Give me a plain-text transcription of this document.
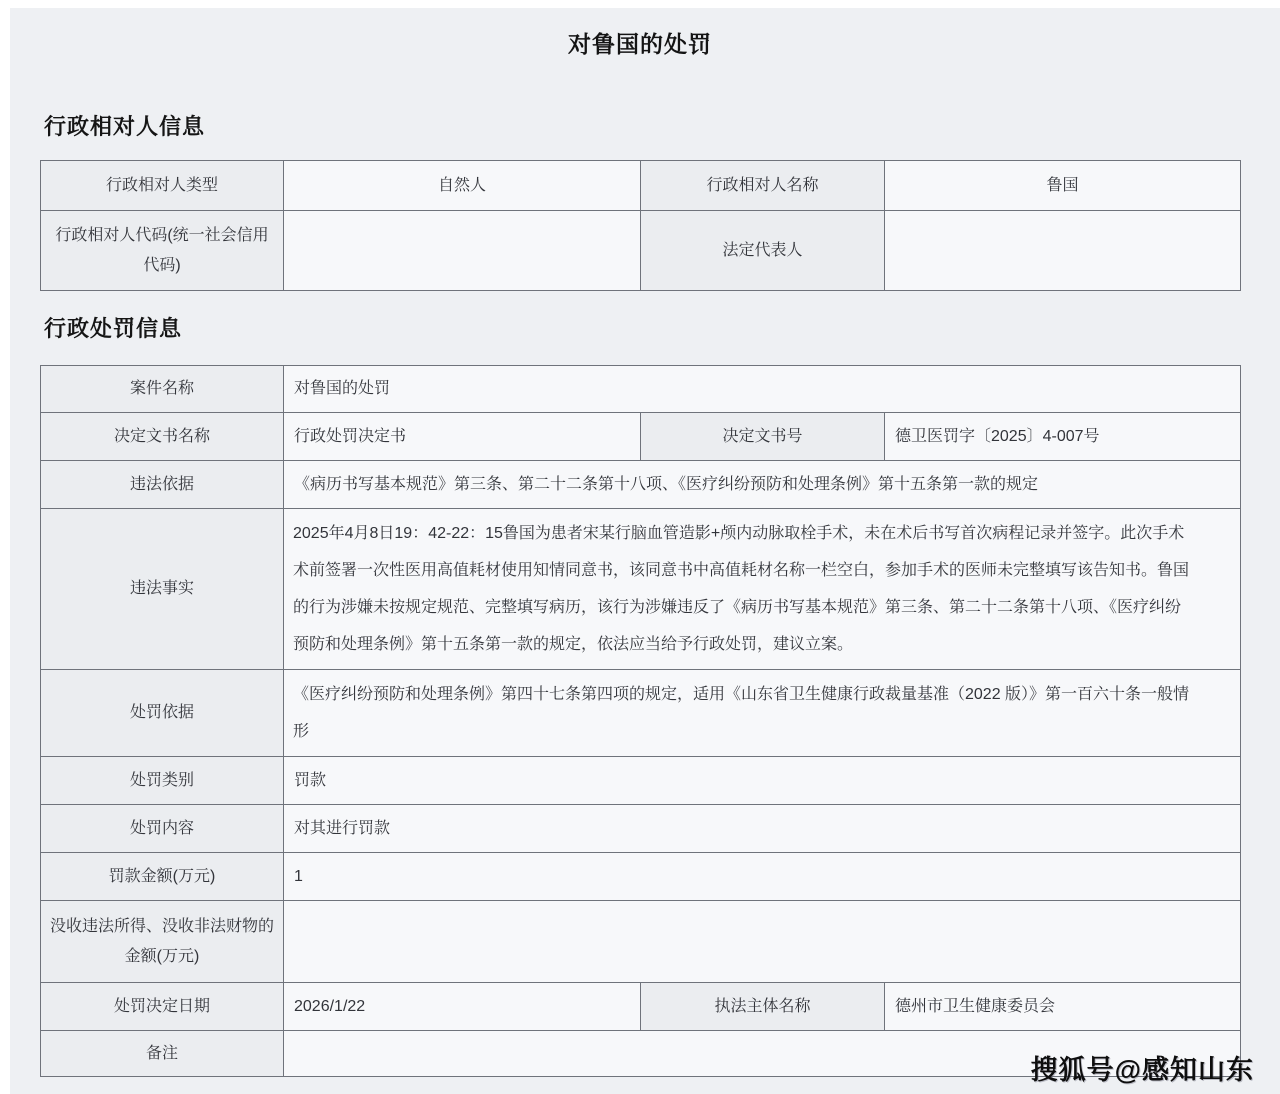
对鲁国的处罚
行政相对人信息
行政相对人类型	自然人	行政相对人名称	鲁国
行政相对人代码(统一社会信用代码)		法定代表人	
行政处罚信息
案件名称	对鲁国的处罚		
决定文书名称	行政处罚决定书	决定文书号	德卫医罚字〔2025〕4-007号
违法依据	《病历书写基本规范》第三条、第二十二条第十八项、《医疗纠纷预防和处理条例》第十五条第一款的规定		
违法事实	2025年4月8日19：42-22：15鲁国为患者宋某行脑血管造影+颅内动脉取栓手术，未在术后书写首次病程记录并签字。此次手术术前签署一次性医用高值耗材使用知情同意书，该同意书中高值耗材名称一栏空白，参加手术的医师未完整填写该告知书。鲁国的行为涉嫌未按规定规范、完整填写病历，该行为涉嫌违反了《病历书写基本规范》第三条、第二十二条第十八项、《医疗纠纷预防和处理条例》第十五条第一款的规定，依法应当给予行政处罚，建议立案。		
处罚依据	《医疗纠纷预防和处理条例》第四十七条第四项的规定，适用《山东省卫生健康行政裁量基准（2022 版）》第一百六十条一般情形		
处罚类别	罚款		
处罚内容	对其进行罚款		
罚款金额(万元)	1		
没收违法所得、没收非法财物的金额(万元)			
处罚决定日期	2026/1/22	执法主体名称	德州市卫生健康委员会
备注			
搜狐号@感知山东
